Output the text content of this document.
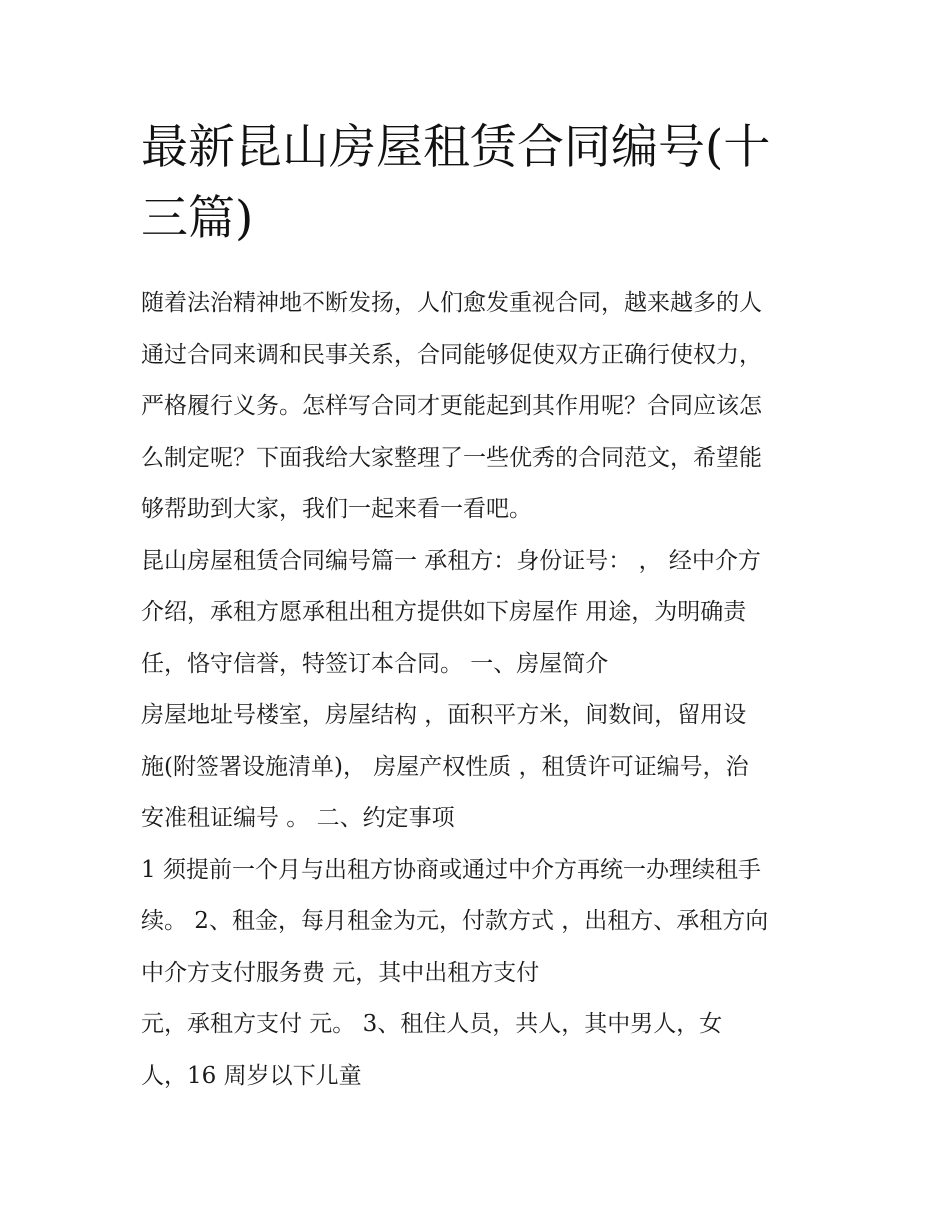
最新昆山房屋租赁合同编号(十
三篇)

随着法治精神地不断发扬，人们愈发重视合同，越来越多的人

通过合同来调和民事关系，合同能够促使双方正确行使权力，

严格履行义务。怎样写合同才更能起到其作用呢？合同应该怎

么制定呢？下面我给大家整理了一些优秀的合同范文，希望能

够帮助到大家，我们一起来看一看吧。

昆山房屋租赁合同编号篇一 承租方：身份证号： ， 经中介方

介绍，承租方愿承租出租方提供如下房屋作 用途，为明确责

任，恪守信誉，特签订本合同。 一、房屋简介

房屋地址号楼室，房屋结构 ，面积平方米，间数间，留用设

施(附签署设施清单)， 房屋产权性质 ，租赁许可证编号，治

安准租证编号 。 二、约定事项

1 须提前一个月与出租方协商或通过中介方再统一办理续租手

续。 2、租金，每月租金为元，付款方式 ，出租方、承租方向

中介方支付服务费 元，其中出租方支付

元，承租方支付 元。 3、租住人员，共人，其中男人，女

人，16 周岁以下儿童
